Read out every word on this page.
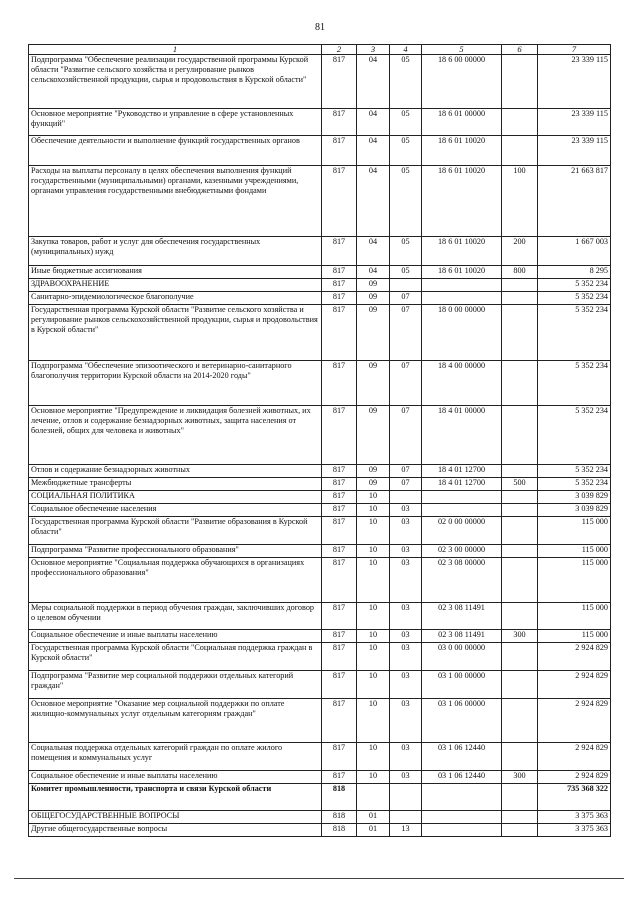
81
1	2	3	4	5	6	7
Подпрограмма "Обеспечение реализации государственной программы Курской области "Развитие сельского хозяйства и регулирование рынков сельскохозяйственной продукции, сырья и продовольствия в Курской области"	817	04	05	18 6 00 00000		23 339 115
Основное мероприятие "Руководство и управление в сфере установленных функций"	817	04	05	18 6 01 00000		23 339 115
Обеспечение деятельности и выполнение функций государственных органов	817	04	05	18 6 01 10020		23 339 115
Расходы на выплаты персоналу в целях обеспечения выполнения функций государственными (муниципальными) органами, казенными учреждениями, органами управления государственными внебюджетными фондами	817	04	05	18 6 01 10020	100	21 663 817
Закупка товаров, работ и услуг для обеспечения государственных (муниципальных) нужд	817	04	05	18 6 01 10020	200	1 667 003
Иные бюджетные ассигнования	817	04	05	18 6 01 10020	800	8 295
ЗДРАВООХРАНЕНИЕ	817	09				5 352 234
Санитарно-эпидемиологическое благополучие	817	09	07			5 352 234
Государственная программа Курской области "Развитие сельского хозяйства и регулирование рынков сельскохозяйственной продукции, сырья и продовольствия в Курской области"	817	09	07	18 0 00 00000		5 352 234
Подпрограмма "Обеспечение эпизоотического и ветеринарно-санитарного благополучия территории Курской области на 2014-2020 годы"	817	09	07	18 4 00 00000		5 352 234
Основное мероприятие "Предупреждение и ликвидация болезней животных, их лечение, отлов и содержание безнадзорных животных, защита населения от болезней, общих для человека и животных"	817	09	07	18 4 01 00000		5 352 234
Отлов и содержание безнадзорных животных	817	09	07	18 4 01 12700		5 352 234
Межбюджетные трансферты	817	09	07	18 4 01 12700	500	5 352 234
СОЦИАЛЬНАЯ ПОЛИТИКА	817	10				3 039 829
Социальное обеспечение населения	817	10	03			3 039 829
Государственная программа Курской области "Развитие образования в Курской области"	817	10	03	02 0 00 00000		115 000
Подпрограмма "Развитие профессионального образования"	817	10	03	02 3 00 00000		115 000
Основное мероприятие "Социальная поддержка обучающихся в организациях профессионального образования"	817	10	03	02 3 08 00000		115 000
Меры социальной поддержки в период обучения граждан, заключивших договор о целевом обучении	817	10	03	02 3 08 11491		115 000
Социальное обеспечение и иные выплаты населению	817	10	03	02 3 08 11491	300	115 000
Государственная программа Курской области "Социальная поддержка граждан в Курской области"	817	10	03	03 0 00 00000		2 924 829
Подпрограмма "Развитие мер социальной поддержки отдельных категорий граждан"	817	10	03	03 1 00 00000		2 924 829
Основное мероприятие "Оказание мер социальной поддержки по оплате жилищно-коммунальных услуг отдельным категориям граждан"	817	10	03	03 1 06 00000		2 924 829
Социальная поддержка отдельных категорий граждан по оплате жилого помещения и коммунальных услуг	817	10	03	03 1 06 12440		2 924 829
Социальное обеспечение и иные выплаты населению	817	10	03	03 1 06 12440	300	2 924 829
Комитет промышленности, транспорта и связи Курской области	818					735 368 322
ОБЩЕГОСУДАРСТВЕННЫЕ ВОПРОСЫ	818	01				3 375 363
Другие общегосударственные вопросы	818	01	13			3 375 363
